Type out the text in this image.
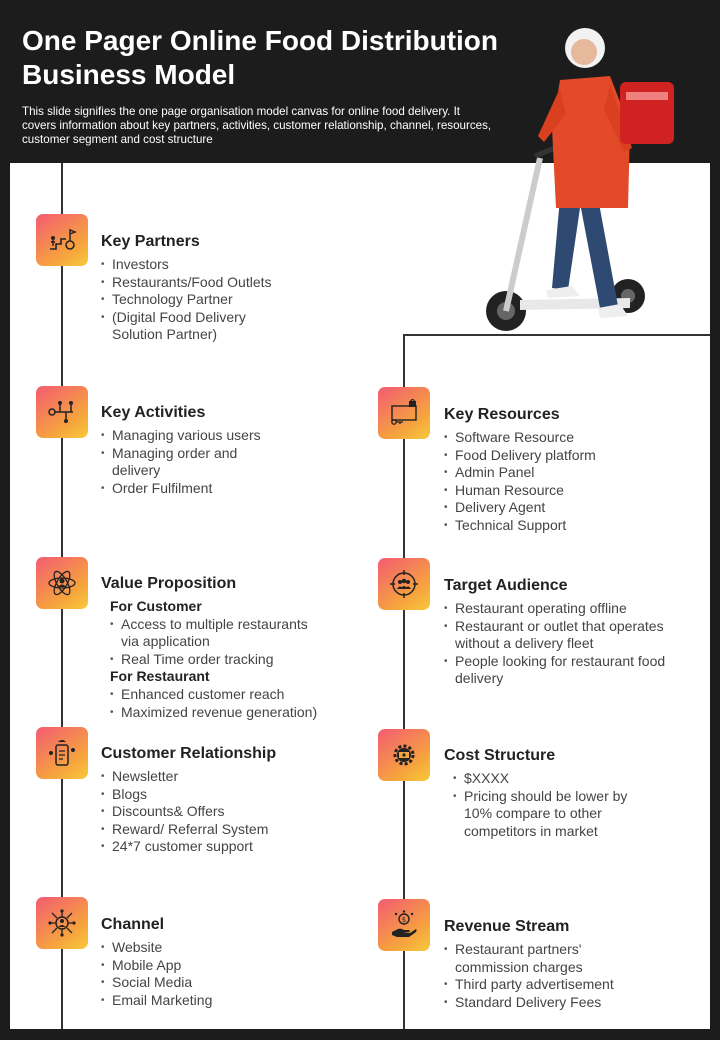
One Pager Online Food Distribution Business Model
This slide signifies the one page organisation model canvas for online food delivery. It covers information about key partners, activities, customer relationship, channel, resources, customer segment and cost structure
Key Partners
• Investors
• Restaurants/Food Outlets
• Technology Partner
• (Digital Food Delivery Solution Partner)
Key Activities
• Managing various users
• Managing order and delivery
• Order Fulfilment
Value Proposition
For Customer
• Access to multiple restaurants via application
• Real Time order tracking
For Restaurant
• Enhanced customer reach
• Maximized revenue generation)
Customer Relationship
• Newsletter
• Blogs
• Discounts& Offers
• Reward/ Referral System
• 24*7 customer support
Channel
• Website
• Mobile App
• Social Media
• Email Marketing
Key Resources
• Software Resource
• Food Delivery platform
• Admin Panel
• Human Resource
• Delivery Agent
• Technical Support
Target Audience
• Restaurant operating offline
• Restaurant or outlet that operates without a delivery fleet
• People looking for restaurant food delivery
Cost Structure
• $XXXX
• Pricing should be lower by 10% compare to other competitors in market
$ Revenue Stream
• Restaurant partners' commission charges
• Third party advertisement
• Standard Delivery Fees
